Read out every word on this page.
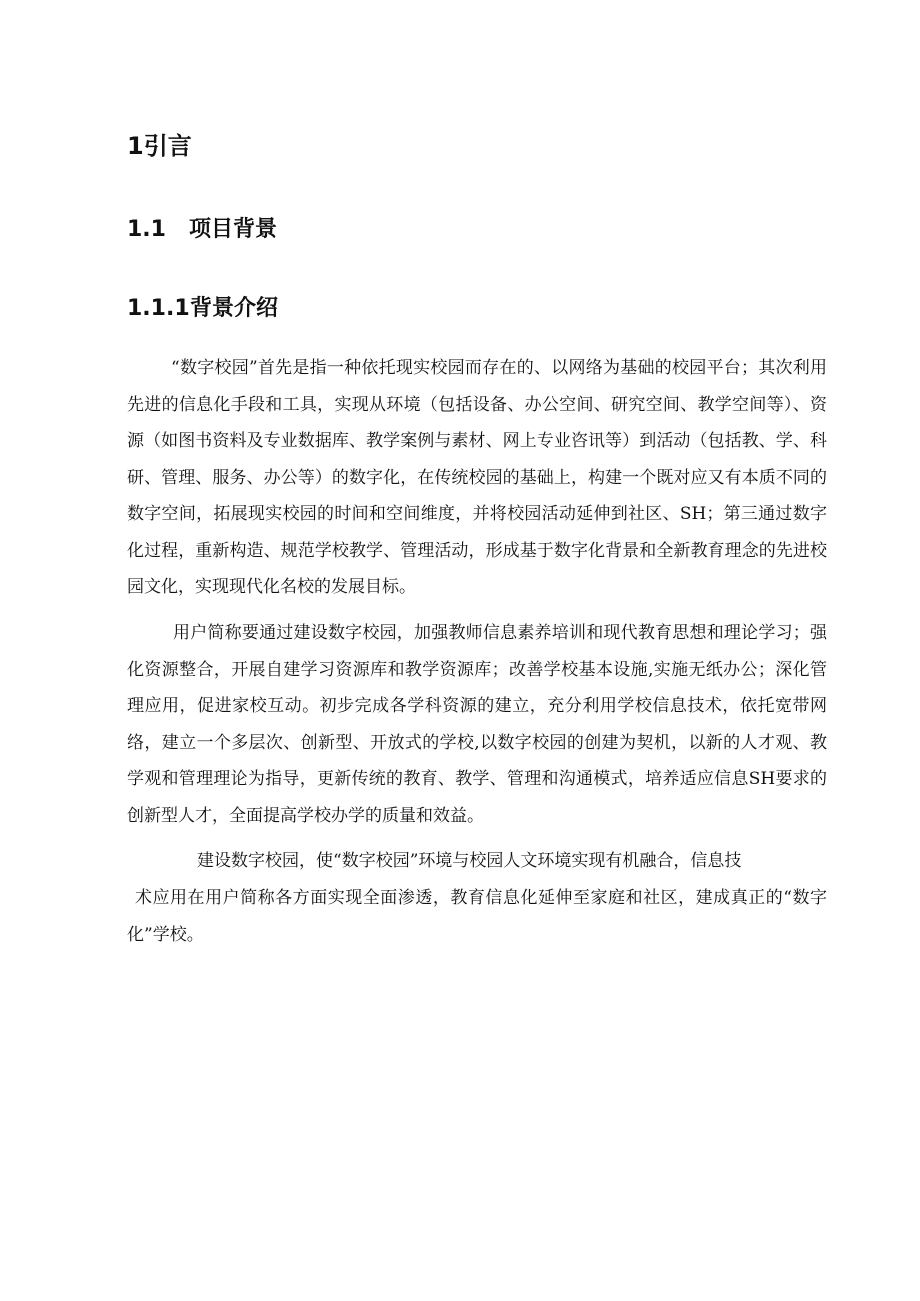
1引言
1.1 项目背景
1.1.1背景介绍
“数字校园”首先是指一种依托现实校园而存在的、以网络为基础的校园平台；其次利用先进的信息化手段和工具，实现从环境（包括设备、办公空间、研究空间、教学空间等）、资源（如图书资料及专业数据库、教学案例与素材、网上专业咨讯等）到活动（包括教、学、科研、管理、服务、办公等）的数字化，在传统校园的基础上，构建一个既对应又有本质不同的数字空间，拓展现实校园的时间和空间维度，并将校园活动延伸到社区、SH；第三通过数字化过程，重新构造、规范学校教学、管理活动，形成基于数字化背景和全新教育理念的先进校园文化，实现现代化名校的发展目标。
用户简称要通过建设数字校园，加强教师信息素养培训和现代教育思想和理论学习；强化资源整合，开展自建学习资源库和教学资源库；改善学校基本设施,实施无纸办公；深化管理应用，促进家校互动。初步完成各学科资源的建立，充分利用学校信息技术，依托宽带网络，建立一个多层次、创新型、开放式的学校,以数字校园的创建为契机，以新的人才观、教学观和管理理论为指导，更新传统的教育、教学、管理和沟通模式，培养适应信息SH要求的创新型人才，全面提高学校办学的质量和效益。
建设数字校园，使“数字校园”环境与校园人文环境实现有机融合，信息技
术应用在用户简称各方面实现全面渗透，教育信息化延伸至家庭和社区，建成真正的“数字化”学校。
